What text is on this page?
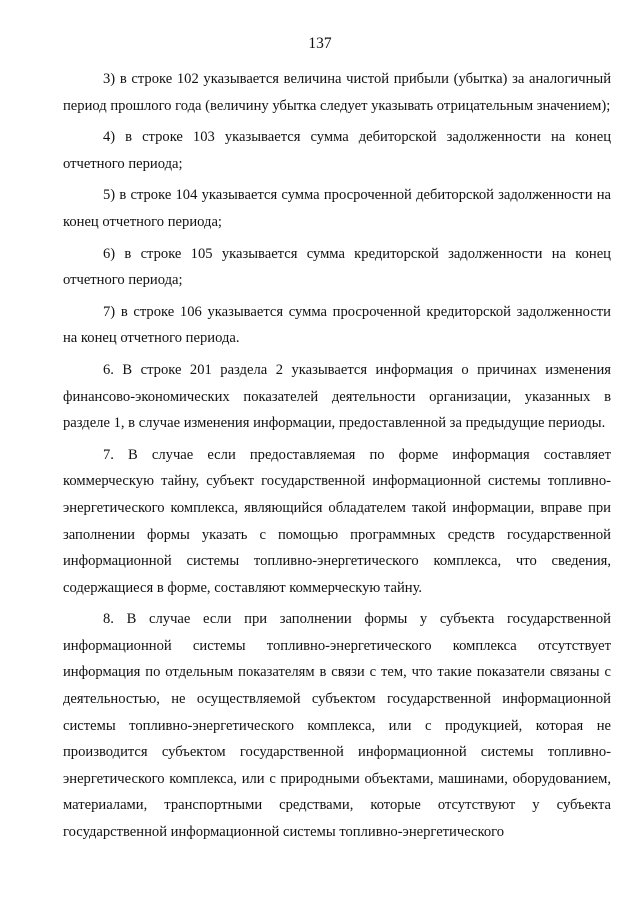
137

3) в строке 102 указывается величина чистой прибыли (убытка) за аналогичный период прошлого года (величину убытка следует указывать отрицательным значением);

4) в строке 103 указывается сумма дебиторской задолженности на конец отчетного периода;

5) в строке 104 указывается сумма просроченной дебиторской задолженности на конец отчетного периода;

6) в строке 105 указывается сумма кредиторской задолженности на конец отчетного периода;

7) в строке 106 указывается сумма просроченной кредиторской задолженности на конец отчетного периода.

6. В строке 201 раздела 2 указывается информация о причинах изменения финансово-экономических показателей деятельности организации, указанных в разделе 1, в случае изменения информации, предоставленной за предыдущие периоды.

7. В случае если предоставляемая по форме информация составляет коммерческую тайну, субъект государственной информационной системы топливно-энергетического комплекса, являющийся обладателем такой информации, вправе при заполнении формы указать с помощью программных средств государственной информационной системы топливно-энергетического комплекса, что сведения, содержащиеся в форме, составляют коммерческую тайну.

8. В случае если при заполнении формы у субъекта государственной информационной системы топливно-энергетического комплекса отсутствует информация по отдельным показателям в связи с тем, что такие показатели связаны с деятельностью, не осуществляемой субъектом государственной информационной системы топливно-энергетического комплекса, или с продукцией, которая не производится субъектом государственной информационной системы топливно-энергетического комплекса, или с природными объектами, машинами, оборудованием, материалами, транспортными средствами, которые отсутствуют у субъекта государственной информационной системы топливно-энергетического
